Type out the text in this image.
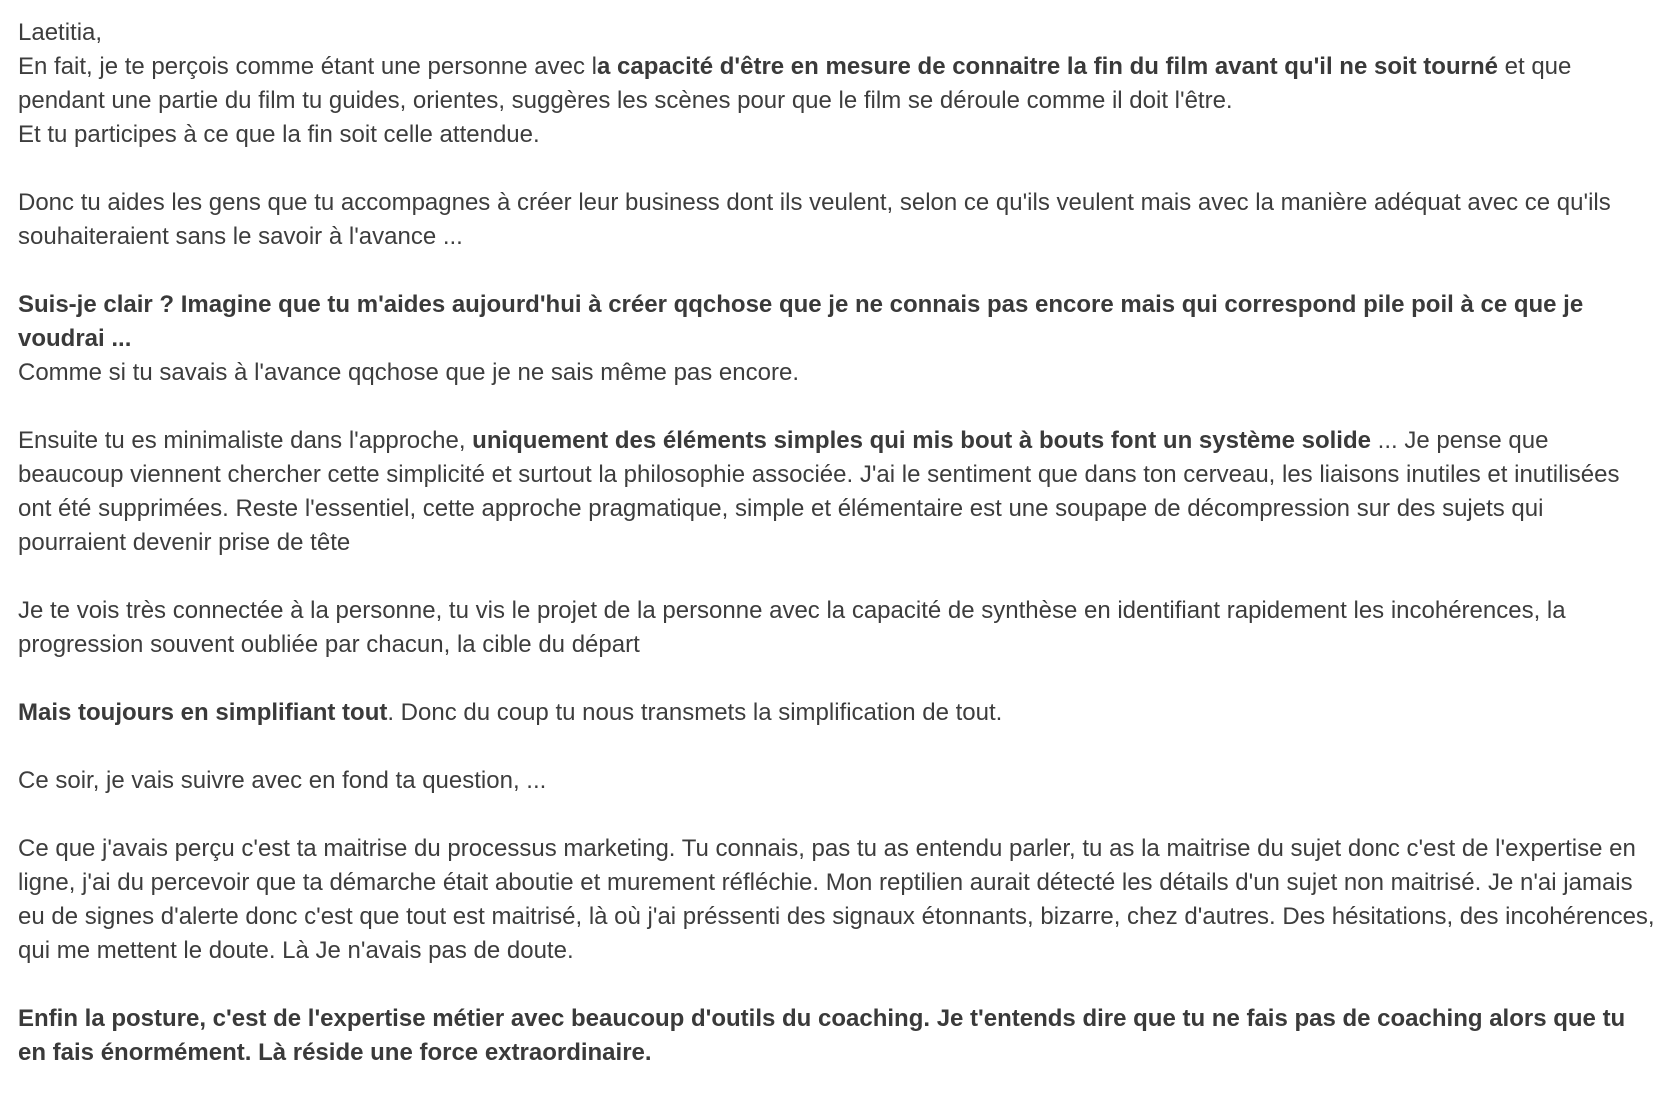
Laetitia,
En fait, je te perçois comme étant une personne avec la capacité d'être en mesure de connaitre la fin du film avant qu'il ne soit tourné et que pendant une partie du film tu guides, orientes, suggères les scènes pour que le film se déroule comme il doit l'être.
Et tu participes à ce que la fin soit celle attendue.
Donc tu aides les gens que tu accompagnes à créer leur business dont ils veulent, selon ce qu'ils veulent mais avec la manière adéquat avec ce qu'ils souhaiteraient sans le savoir à l'avance ...
Suis-je clair ? Imagine que tu m'aides aujourd'hui à créer qqchose que je ne connais pas encore mais qui correspond pile poil à ce que je voudrai ...
Comme si tu savais à l'avance qqchose que je ne sais même pas encore.
Ensuite tu es minimaliste dans l'approche, uniquement des éléments simples qui mis bout à bouts font un système solide ... Je pense que beaucoup viennent chercher cette simplicité et surtout la philosophie associée. J'ai le sentiment que dans ton cerveau, les liaisons inutiles et inutilisées ont été supprimées. Reste l'essentiel, cette approche pragmatique, simple et élémentaire est une soupape de décompression sur des sujets qui pourraient devenir prise de tête
Je te vois très connectée à la personne, tu vis le projet de la personne avec la capacité de synthèse en identifiant rapidement les incohérences, la progression souvent oubliée par chacun, la cible du départ
Mais toujours en simplifiant tout. Donc du coup tu nous transmets la simplification de tout.
Ce soir, je vais suivre avec en fond ta question, ...
Ce que j'avais perçu c'est ta maitrise du processus marketing. Tu connais, pas tu as entendu parler, tu as la maitrise du sujet donc c'est de l'expertise en ligne, j'ai du percevoir que ta démarche était aboutie et murement réfléchie. Mon reptilien aurait détecté les détails d'un sujet non maitrisé. Je n'ai jamais eu de signes d'alerte donc c'est que tout est maitrisé, là où j'ai préssenti des signaux étonnants, bizarre, chez d'autres. Des hésitations, des incohérences, qui me mettent le doute. Là Je n'avais pas de doute.
Enfin la posture, c'est de l'expertise métier avec beaucoup d'outils du coaching. Je t'entends dire que tu ne fais pas de coaching alors que tu en fais énormément. Là réside une force extraordinaire.
